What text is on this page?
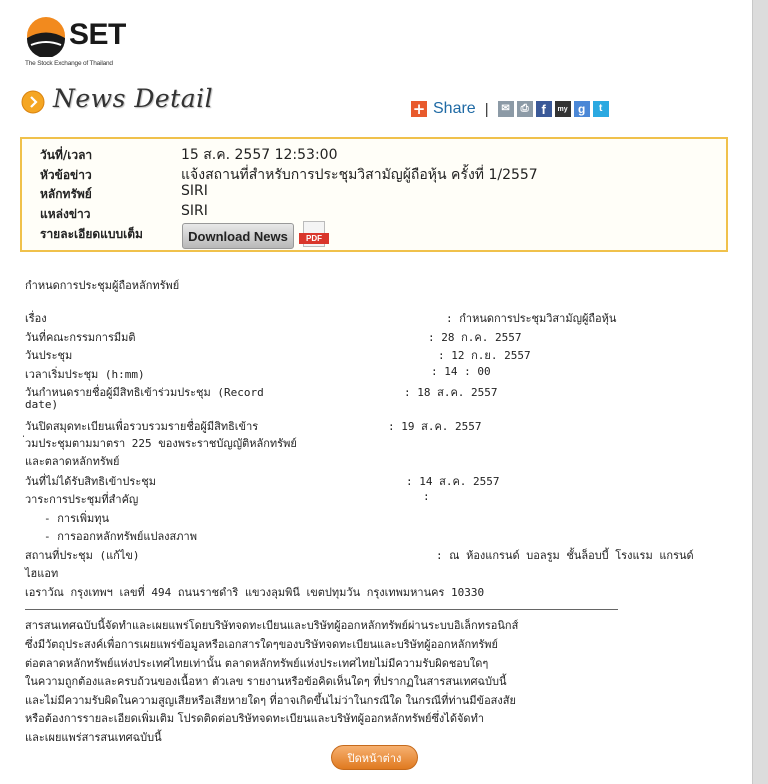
SET
The Stock Exchange of Thailand
News Detail	+ Share |	✉	⎙ f	my g	t
วันที่/เวลา	15 ส.ค. 2557 12:53:00
หัวข้อข่าว	แจ้งสถานที่สำหรับการประชุมวิสามัญผู้ถือหุ้น ครั้งที่ 1/2557
หลักทรัพย์	SIRI
แหล่งข่าว	SIRI
รายละเอียดแบบเต็ม	Download News	PDF
กำหนดการประชุมผู้ถือหลักทรัพย์
เรื่อง	: กำหนดการประชุมวิสามัญผู้ถือหุ้น
วันที่คณะกรรมการมีมติ	: 28 ก.ค. 2557
วันประชุม	: 12 ก.ย. 2557
เวลาเริ่มประชุม (h:mm)	: 14 : 00
วันกำหนดรายชื่อผู้มีสิทธิเข้าร่วมประชุม (Record	: 18 ส.ค. 2557
date)
วันปิดสมุดทะเบียนเพื่อรวบรวมรายชื่อผู้มีสิทธิเข้าร	: 19 ส.ค. 2557
่วมประชุมตามมาตรา 225 ของพระราชบัญญัติหลักทรัพย์
และตลาดหลักทรัพย์
วันที่ไม่ได้รับสิทธิเข้าประชุม	: 14 ส.ค. 2557
วาระการประชุมที่สำคัญ	:
- การเพิ่มทุน
- การออกหลักทรัพย์แปลงสภาพ
สถานที่ประชุม (แก้ไข)	: ณ ห้องแกรนด์ บอลรูม ชั้นล็อบบี้ โรงแรม แกรนด์
ไฮแอท
เอราวัณ กรุงเทพฯ เลขที่ 494 ถนนราชดำริ แขวงลุมพินี เขตปทุมวัน กรุงเทพมหานคร 10330
สารสนเทศฉบับนี้จัดทำและเผยแพร่โดยบริษัทจดทะเบียนและบริษัทผู้ออกหลักทรัพย์ผ่านระบบอิเล็กทรอนิกส์
ซึ่งมีวัตถุประสงค์เพื่อการเผยแพร่ข้อมูลหรือเอกสารใดๆของบริษัทจดทะเบียนและบริษัทผู้ออกหลักทรัพย์
ต่อตลาดหลักทรัพย์แห่งประเทศไทยเท่านั้น ตลาดหลักทรัพย์แห่งประเทศไทยไม่มีความรับผิดชอบใดๆ
ในความถูกต้องและครบถ้วนของเนื้อหา ตัวเลข รายงานหรือข้อคิดเห็นใดๆ ที่ปรากฏในสารสนเทศฉบับนี้
และไม่มีความรับผิดในความสูญเสียหรือเสียหายใดๆ ที่อาจเกิดขึ้นไม่ว่าในกรณีใด ในกรณีที่ท่านมีข้อสงสัย
หรือต้องการรายละเอียดเพิ่มเติม โปรดติดต่อบริษัทจดทะเบียนและบริษัทผู้ออกหลักทรัพย์ซึ่งได้จัดทำ
และเผยแพร่สารสนเทศฉบับนี้
ปิดหน้าต่าง
